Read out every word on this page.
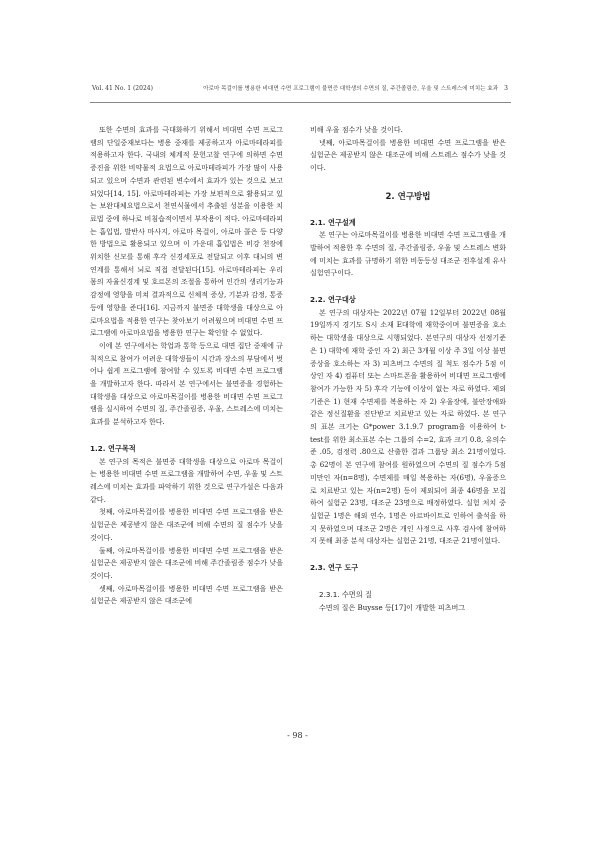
Vol. 41 No. 1 (2024)	아로마 목걸이를 병용한 비대면 수면 프로그램이 불면증 대학생의 수면의 질, 주간졸림증, 우울 및 스트레스에 미치는 효과	3

또한 수면의 효과를 극대화하기 위해서 비대면 수면 프로그램의 단일중재보다는 병용 중재를 제공하고자 아로마테라피를 적용하고자 한다. 국내의 체계적 문헌고찰 연구에 의하면 수면 증진을 위한 비약물적 요법으로 아로마테라피가 가장 많이 사용되고 있으며 수면과 관련된 변수에서 효과가 있는 것으로 보고되었다[14, 15]. 아로마테라피는 가장 보편적으로 활용되고 있는 보완대체요법으로서 천연식물에서 추출된 성분을 이용한 치료법 중에 하나로 비침습적이면서 부작용이 적다. 아로마테라피는 흡입법, 발반사 마사지, 아로마 목걸이, 아로마 콜은 등 다양한 방법으로 활용되고 있으며 이 가운데 흡입법은 비강 천장에 위치한 신모를 통해 후각 신경세포로 전달되고 이후 대뇌의 변연계를 통해서 뇌로 직접 전달된다[15]. 아로마테라피는 우리 몸의 자율신경계 및 호르몬의 조절을 통하여 인간의 생리기능과 감정에 영향을 미쳐 결과적으로 신체적 증상, 기분과 감정, 통증 등에 영향을 준다[16]. 지금까지 불면증 대학생을 대상으로 아로마요법을 적용한 연구는 찾아보기 어려웠으며 비대면 수면 프로그램에 아로마요법을 병용한 연구는 확인할 수 없었다.

이에 본 연구에서는 학업과 통학 등으로 대면 집단 중재에 규칙적으로 참여가 어려운 대학생들이 시간과 장소의 부담에서 벗어나 쉽게 프로그램에 참여할 수 있도록 비대면 수면 프로그램을 개발하고자 한다. 따라서 본 연구에서는 불면증을 경험하는 대학생을 대상으로 아로마목걸이를 병용한 비대면 수면 프로그램을 실시하여 수면의 질, 주간졸림증, 우울, 스트레스에 미치는 효과를 분석하고자 한다.

1.2. 연구목적

본 연구의 목적은 불면증 대학생을 대상으로 아로마 목걸이는 병용한 비대면 수면 프로그램을 개발하여 수면, 우울 및 스트레스에 미치는 효과를 파악하기 위한 것으로 연구가설은 다음과 같다.

첫째, 아로마목걸이를 병용한 비대면 수면 프로그램을 받은 실험군은 제공받지 않은 대조군에 비해 수면의 질 점수가 낮을 것이다.

둘째, 아로마목걸이를 병용한 비대면 수면 프로그램을 받은 실험군은 제공받지 않은 대조군에 비해 주간졸림증 점수가 낮을 것이다.

셋째, 아로마목걸이를 병용한 비대면 수면 프로그램을 받은 실험군은 제공받지 않은 대조군에

비해 우울 점수가 낮을 것이다.

넷째, 아로마목걸이를 병용한 비대면 수면 프로그램을 받은 실험군은 제공받지 않은 대조군에 비해 스트레스 점수가 낮을 것이다.

2. 연구방법
2.1. 연구설계

본 연구는 아로마목걸이를 병용한 비대면 수면 프로그램을 개발하여 적용한 후 수면의 질, 주간졸림증, 우울 및 스트레스 변화에 미치는 효과를 규명하기 위한 비동등성 대조군 전후설계 유사실험연구이다.

2.2. 연구대상

본 연구의 대상자는 2022년 07월 12일부터 2022년 08월 19일까지 경기도 S시 소재 E대학에 재학중이며 불면증을 호소하는 대학생을 대상으로 시행되었다. 본연구의 대상자 선정기준은 1) 대학에 재학 중인 자 2) 최근 3개월 이상 주 3일 이상 불면 증상을 호소하는 자 3) 피츠버그 수면의 질 척도 점수가 5점 이상인 자 4) 컴퓨터 또는 스마트폰을 활용하여 비대면 프로그램에 참여가 가능한 자 5) 후각 기능에 이상이 없는 자로 하였다. 제외기준은 1) 현재 수면제를 복용하는 자 2) 우울장애, 불안장애와 같은 정신질환을 진단받고 치료받고 있는 자로 하였다. 본 연구의 표본 크기는 G*power 3.1.9.7 program을 이용하여 t-test를 위한 최소표본 수는 그룹의 수=2, 효과 크기 0.8, 유의수준 .05, 검정력 .80으로 산출한 결과 그룹당 최소 21명이었다. 총 62명이 본 연구에 참여를 원하였으며 수면의 질 점수가 5점 미만인 자(n=8명), 수면제를 매일 복용하는 자(6명), 우울증으로 치료받고 있는 자(n=2명) 등이 제외되어 최종 46명을 모집하여 실험군 23명, 대조군 23명으로 배정하였다. 실험 처치 중 실험군 1명은 해외 연수, 1명은 아르바이트로 인하여 출석을 하지 못하였으며 대조군 2명은 개인 사정으로 사후 검사에 참여하지 못해 최종 분석 대상자는 실험군 21명, 대조군 21명이었다.

2.3. 연구 도구
2.3.1. 수면의 질

수면의 질은 Buysse 등[17]이 개발한 피츠버그

- 98 -
